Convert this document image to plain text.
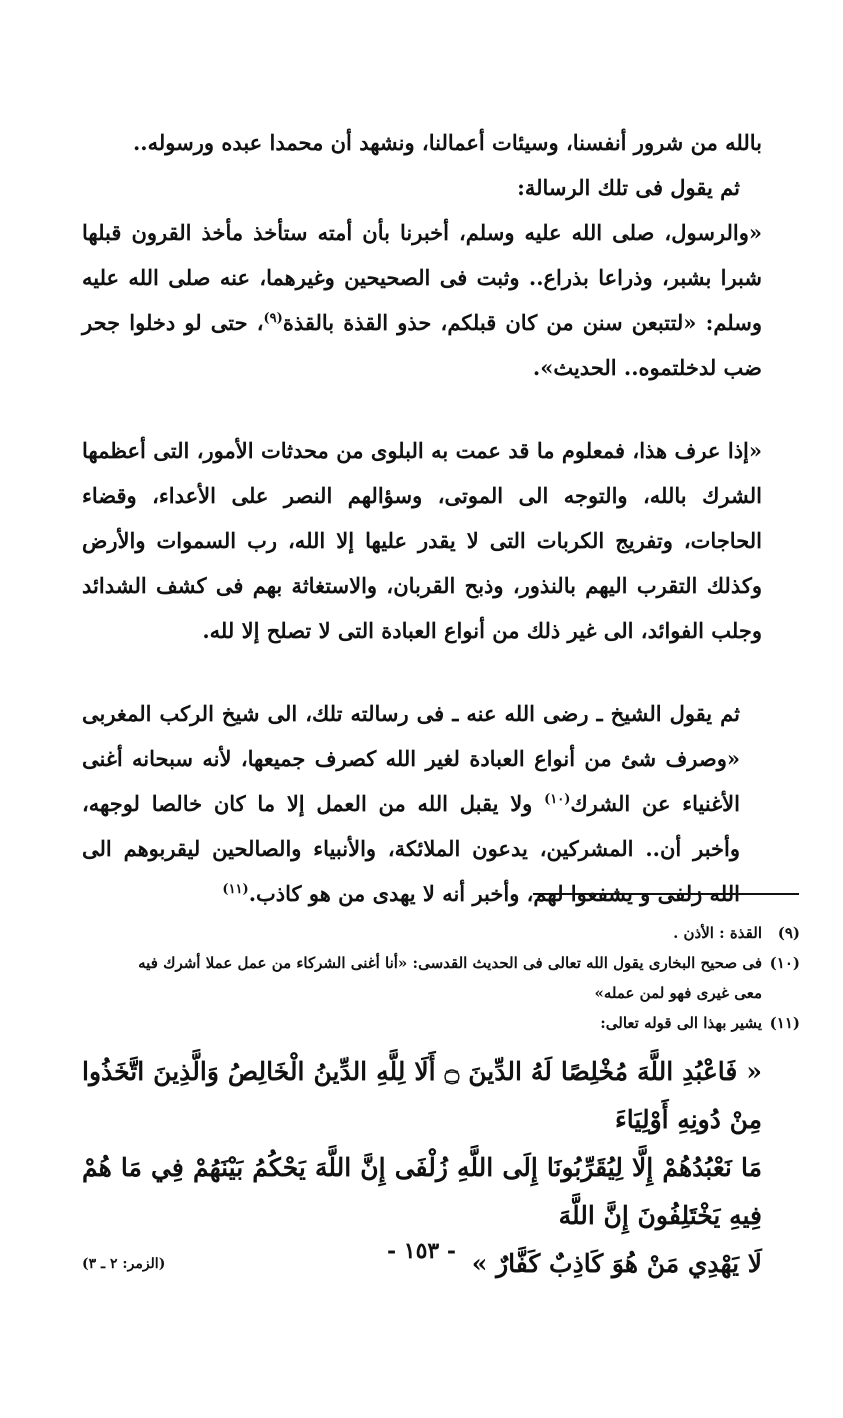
بالله من شرور أنفسنا، وسيئات أعمالنا، ونشهد أن محمدا عبده ورسوله..

ثم يقول فى تلك الرسالة:

«والرسول، صلى الله عليه وسلم، أخبرنا بأن أمته ستأخذ مأخذ القرون قبلها شبرا بشبر، وذراعا بذراع.. وثبت فى الصحيحين وغيرهما، عنه صلى الله عليه وسلم: «لتتبعن سنن من كان قبلكم، حذو القذة بالقذة$^{(٩)}$، حتى لو دخلوا جحر ضب لدخلتموه.. الحديث».

«إذا عرف هذا، فمعلوم ما قد عمت به البلوى من محدثات الأمور، التى أعظمها الشرك بالله، والتوجه الى الموتى، وسؤالهم النصر على الأعداء، وقضاء الحاجات، وتفريج الكربات التى لا يقدر عليها إلا الله، رب السموات والأرض وكذلك التقرب اليهم بالنذور، وذبح القربان، والاستغاثة بهم فى كشف الشدائد وجلب الفوائد، الى غير ذلك من أنواع العبادة التى لا تصلح إلا لله.

ثم يقول الشيخ ـ رضى الله عنه ـ فى رسالته تلك، الى شيخ الركب المغربى «وصرف شئ من أنواع العبادة لغير الله كصرف جميعها، لأنه سبحانه أغنى الأغنياء عن الشرك$^{(١٠)}$ ولا يقبل الله من العمل إلا ما كان خالصا لوجهه، وأخبر أن.. المشركين، يدعون الملائكة، والأنبياء والصالحين ليقربوهم الى الله زلفى و يشفعوا لهم، وأخبر أنه لا يهدى من هو كاذب.$^{(١١)}$

(٩)
القذة : الأذن .
(١٠)
فى صحيح البخارى يقول الله تعالى فى الحديث القدسى: «أنا أغنى الشركاء من عمل عملا أشرك فيه
معى غيرى فهو لمن عمله»
(١١)
يشير بهذا الى قوله تعالى:
« فَاعْبُدِ اللَّهَ مُخْلِصًا لَهُ الدِّينَ ۝ أَلَا لِلَّهِ الدِّينُ الْخَالِصُ وَالَّذِينَ اتَّخَذُوا مِنْ دُونِهِ أَوْلِيَاءَ
مَا نَعْبُدُهُمْ إِلَّا لِيُقَرِّبُونَا إِلَى اللَّهِ زُلْفَى إِنَّ اللَّهَ يَحْكُمُ بَيْنَهُمْ فِي مَا هُمْ فِيهِ يَخْتَلِفُونَ إِنَّ اللَّهَ
لَا يَهْدِي مَنْ هُوَ كَاذِبٌ كَفَّارٌ »
(الزمر: ٢ ـ ٣)	- ١٥٣ -
